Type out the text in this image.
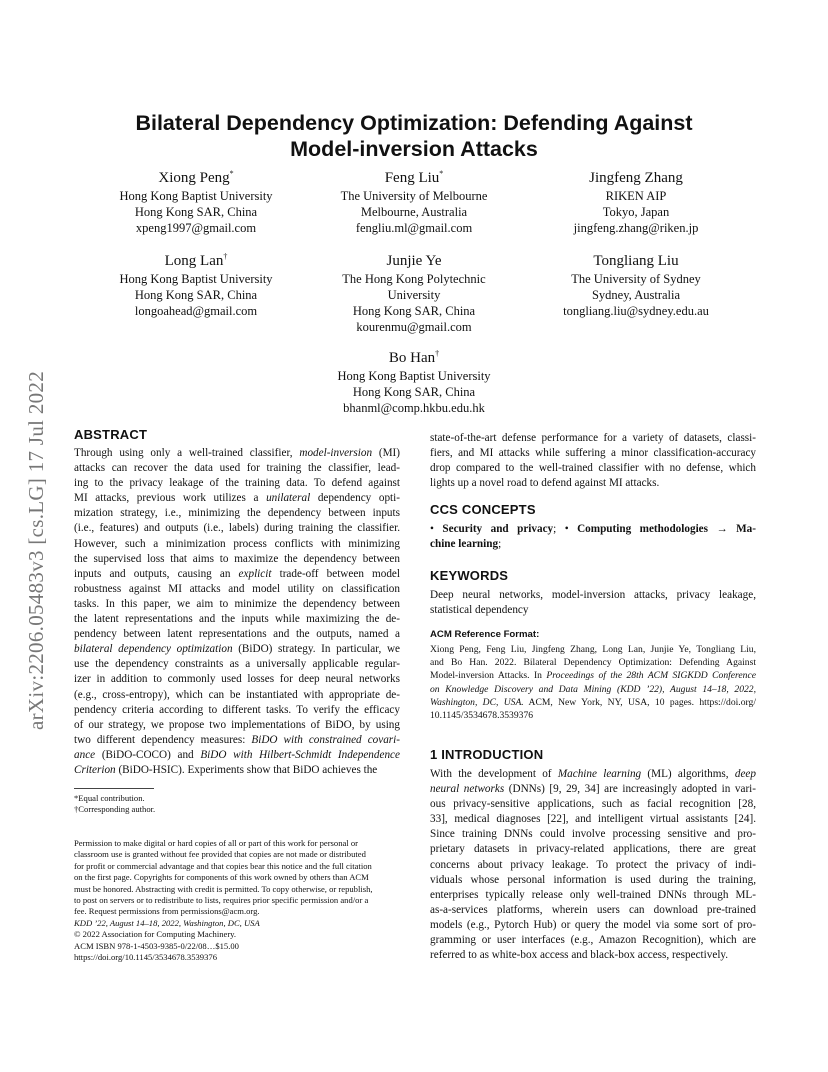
arXiv:2206.05483v3 [cs.LG] 17 Jul 2022
Bilateral Dependency Optimization: Defending Against
Model-inversion Attacks
Xiong Peng*
Hong Kong Baptist University
Hong Kong SAR, China
xpeng1997@gmail.com
Feng Liu*
The University of Melbourne
Melbourne, Australia
fengliu.ml@gmail.com
Jingfeng Zhang
RIKEN AIP
Tokyo, Japan
jingfeng.zhang@riken.jp
Long Lan†
Hong Kong Baptist University
Hong Kong SAR, China
longoahead@gmail.com
Junjie Ye
The Hong Kong Polytechnic
University
Hong Kong SAR, China
kourenmu@gmail.com
Tongliang Liu
The University of Sydney
Sydney, Australia
tongliang.liu@sydney.edu.au
Bo Han†
Hong Kong Baptist University
Hong Kong SAR, China
bhanml@comp.hkbu.edu.hk
ABSTRACT
Through using only a well-trained classifier, model-inversion (MI)
attacks can recover the data used for training the classifier, lead-
ing to the privacy leakage of the training data. To defend against
MI attacks, previous work utilizes a unilateral dependency opti-
mization strategy, i.e., minimizing the dependency between inputs
(i.e., features) and outputs (i.e., labels) during training the classifier.
However, such a minimization process conflicts with minimizing
the supervised loss that aims to maximize the dependency between
inputs and outputs, causing an explicit trade-off between model
robustness against MI attacks and model utility on classification
tasks. In this paper, we aim to minimize the dependency between
the latent representations and the inputs while maximizing the de-
pendency between latent representations and the outputs, named a
bilateral dependency optimization (BiDO) strategy. In particular, we
use the dependency constraints as a universally applicable regular-
izer in addition to commonly used losses for deep neural networks
(e.g., cross-entropy), which can be instantiated with appropriate de-
pendency criteria according to different tasks. To verify the efficacy
of our strategy, we propose two implementations of BiDO, by using
two different dependency measures: BiDO with constrained covari-
ance (BiDO-COCO) and BiDO with Hilbert-Schmidt Independence
Criterion (BiDO-HSIC). Experiments show that BiDO achieves the
*Equal contribution.
†Corresponding author.
Permission to make digital or hard copies of all or part of this work for personal or
classroom use is granted without fee provided that copies are not made or distributed
for profit or commercial advantage and that copies bear this notice and the full citation
on the first page. Copyrights for components of this work owned by others than ACM
must be honored. Abstracting with credit is permitted. To copy otherwise, or republish,
to post on servers or to redistribute to lists, requires prior specific permission and/or a
fee. Request permissions from permissions@acm.org.
KDD ’22, August 14–18, 2022, Washington, DC, USA
© 2022 Association for Computing Machinery.
ACM ISBN 978-1-4503-9385-0/22/08…$15.00
https://doi.org/10.1145/3534678.3539376
state-of-the-art defense performance for a variety of datasets, classi-
fiers, and MI attacks while suffering a minor classification-accuracy
drop compared to the well-trained classifier with no defense, which
lights up a novel road to defend against MI attacks.
CCS CONCEPTS
• Security and privacy; • Computing methodologies → Ma-
chine learning;
KEYWORDS
Deep neural networks, model-inversion attacks, privacy leakage,
statistical dependency
ACM Reference Format:
Xiong Peng, Feng Liu, Jingfeng Zhang, Long Lan, Junjie Ye, Tongliang Liu,
and Bo Han. 2022. Bilateral Dependency Optimization: Defending Against
Model-inversion Attacks. In Proceedings of the 28th ACM SIGKDD Conference
on Knowledge Discovery and Data Mining (KDD ’22), August 14–18, 2022,
Washington, DC, USA. ACM, New York, NY, USA, 10 pages. https://doi.org/
10.1145/3534678.3539376
1 INTRODUCTION
With the development of Machine learning (ML) algorithms, deep
neural networks (DNNs) [9, 29, 34] are increasingly adopted in vari-
ous privacy-sensitive applications, such as facial recognition [28,
33], medical diagnoses [22], and intelligent virtual assistants [24].
Since training DNNs could involve processing sensitive and pro-
prietary datasets in privacy-related applications, there are great
concerns about privacy leakage. To protect the privacy of indi-
viduals whose personal information is used during the training,
enterprises typically release only well-trained DNNs through ML-
as-a-services platforms, wherein users can download pre-trained
models (e.g., Pytorch Hub) or query the model via some sort of pro-
gramming or user interfaces (e.g., Amazon Recognition), which are
referred to as white-box access and black-box access, respectively.
